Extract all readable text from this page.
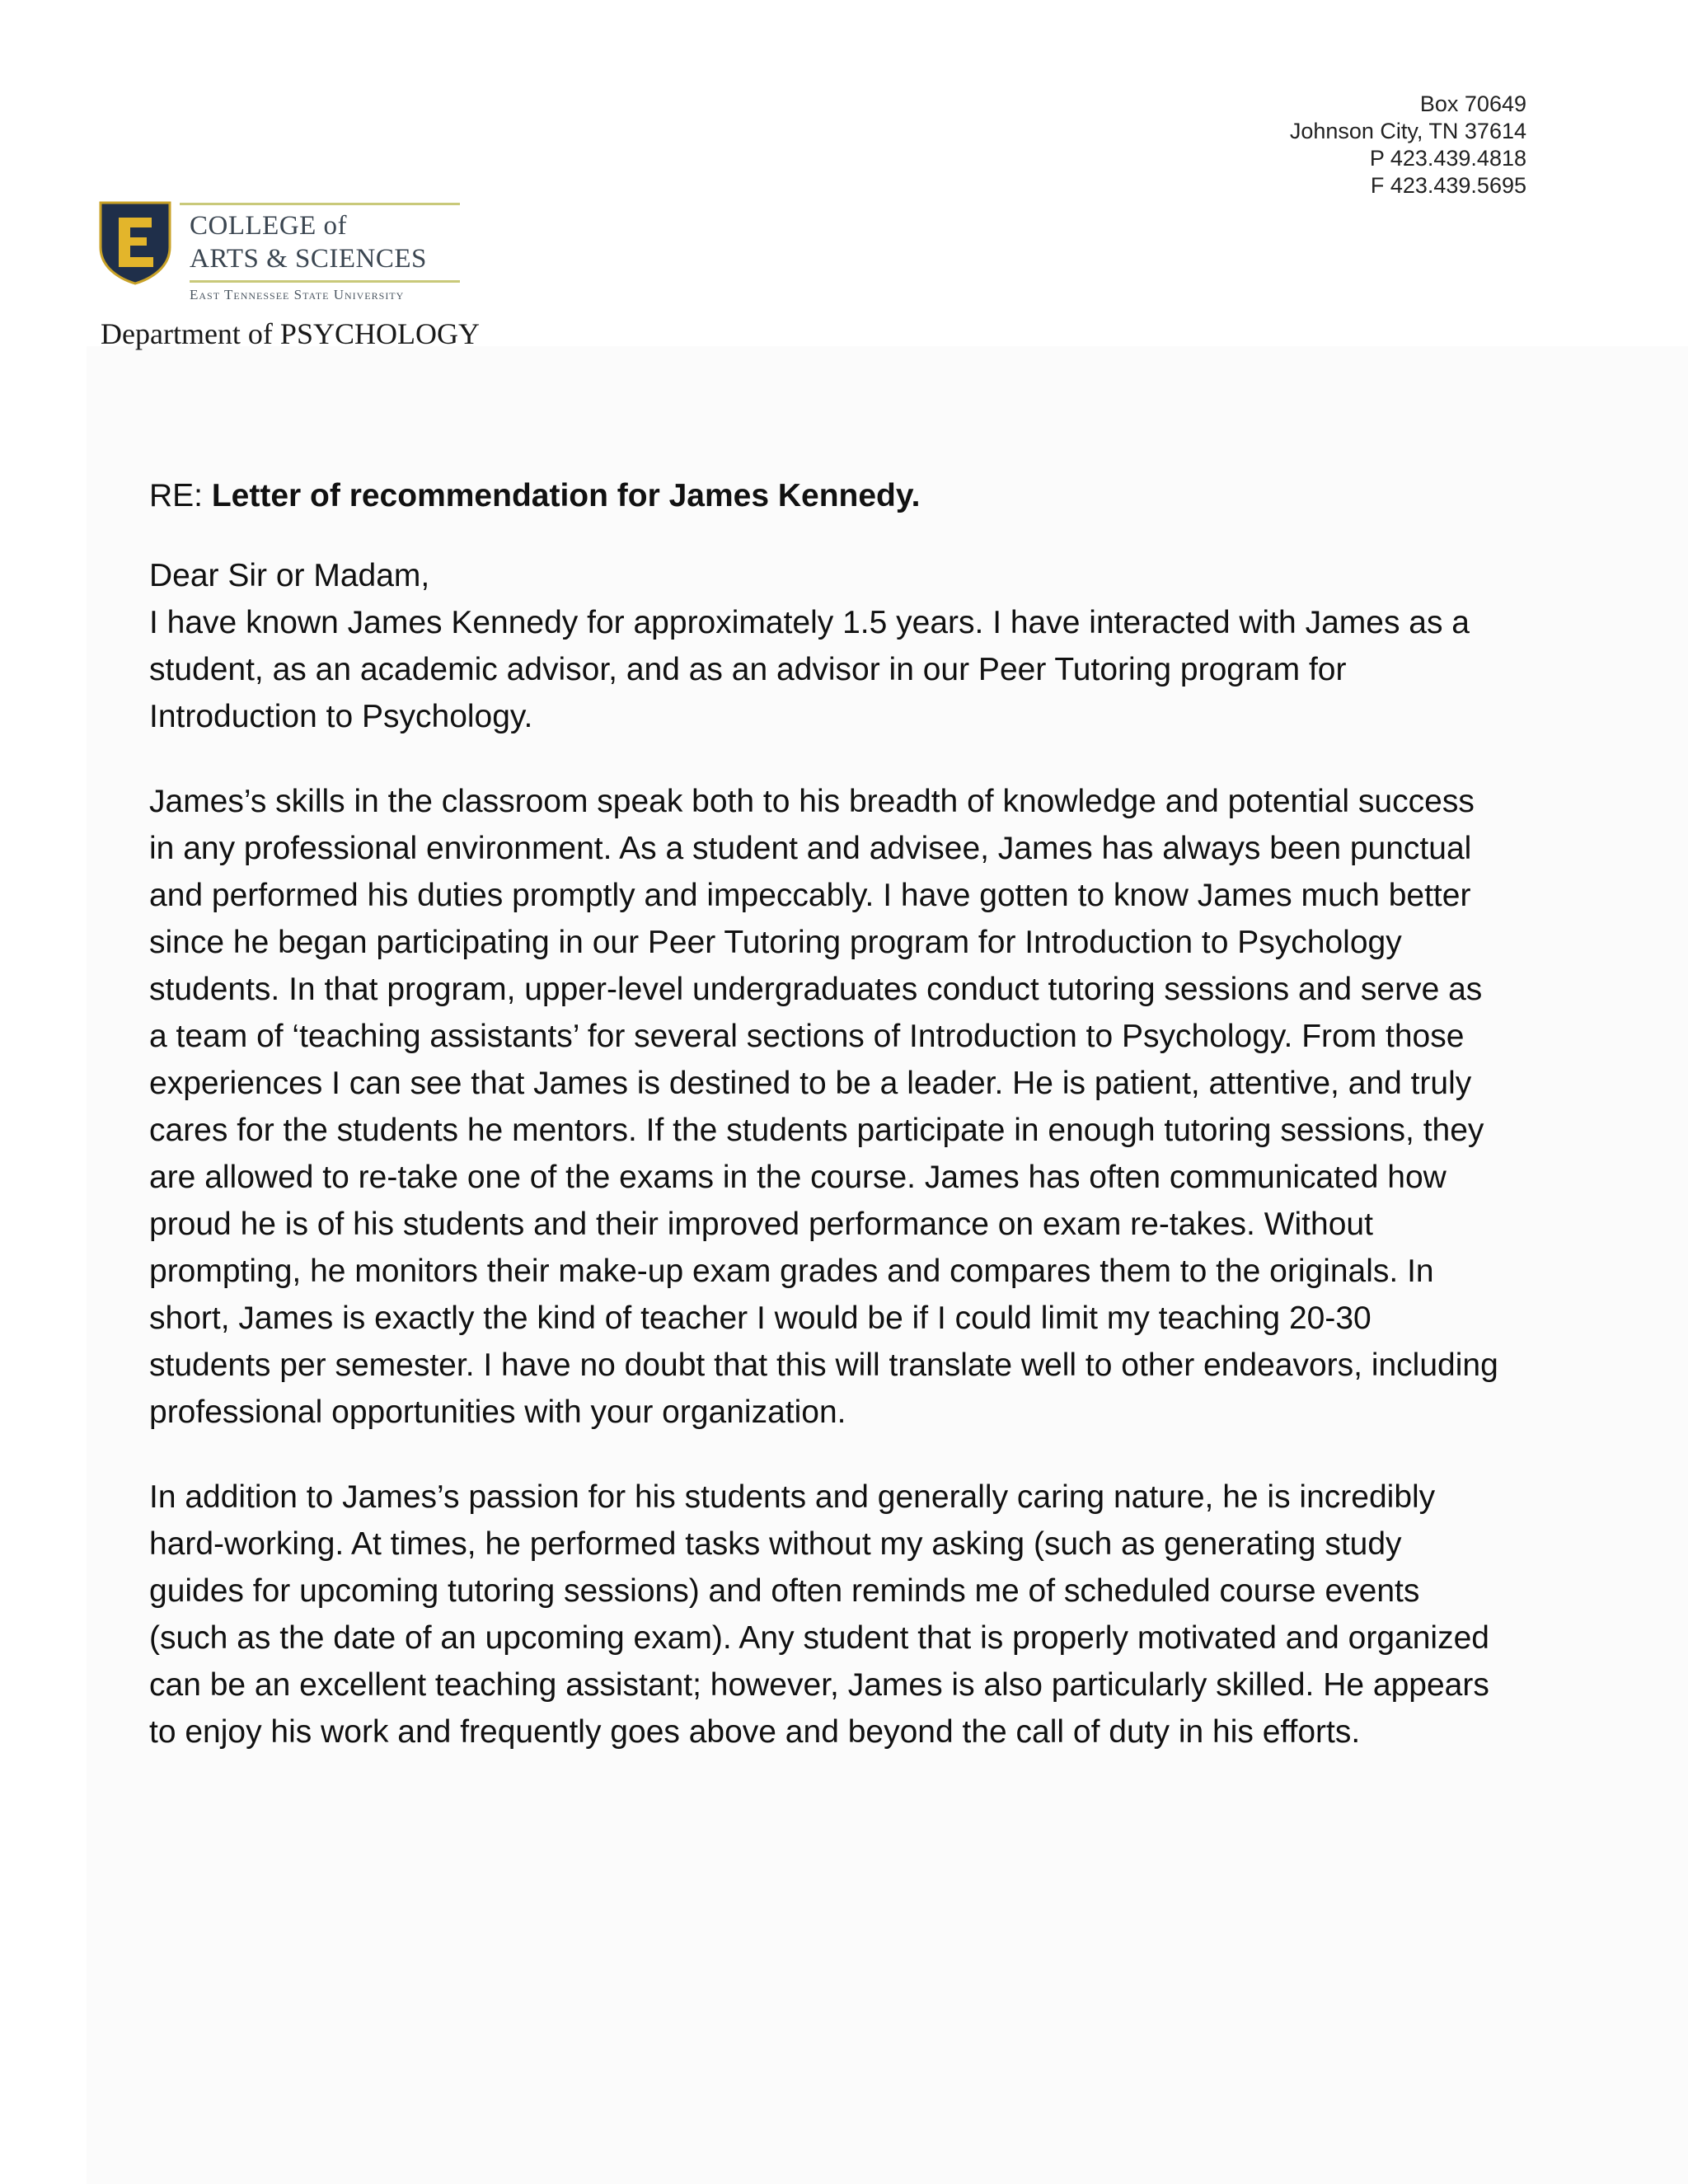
Box 70649
Johnson City, TN 37614
P 423.439.4818
F 423.439.5695
COLLEGE of
ARTS & SCIENCES
East Tennessee State University
Department of PSYCHOLOGY

RE: Letter of recommendation for James Kennedy.

Dear Sir or Madam,

I have known James Kennedy for approximately 1.5 years. I have interacted with James as a student, as an academic advisor, and as an advisor in our Peer Tutoring program for Introduction to Psychology.

James’s skills in the classroom speak both to his breadth of knowledge and potential success in any professional environment. As a student and advisee, James has always been punctual and performed his duties promptly and impeccably. I have gotten to know James much better since he began participating in our Peer Tutoring program for Introduction to Psychology students. In that program, upper-level undergraduates conduct tutoring sessions and serve as a team of ‘teaching assistants’ for several sections of Introduction to Psychology. From those experiences I can see that James is destined to be a leader. He is patient, attentive, and truly cares for the students he mentors. If the students participate in enough tutoring sessions, they are allowed to re-take one of the exams in the course. James has often communicated how proud he is of his students and their improved performance on exam re-takes. Without prompting, he monitors their make-up exam grades and compares them to the originals. In short, James is exactly the kind of teacher I would be if I could limit my teaching 20-30 students per semester. I have no doubt that this will translate well to other endeavors, including professional opportunities with your organization.

In addition to James’s passion for his students and generally caring nature, he is incredibly hard-working. At times, he performed tasks without my asking (such as generating study guides for upcoming tutoring sessions) and often reminds me of scheduled course events (such as the date of an upcoming exam). Any student that is properly motivated and organized can be an excellent teaching assistant; however, James is also particularly skilled. He appears to enjoy his work and frequently goes above and beyond the call of duty in his efforts.
